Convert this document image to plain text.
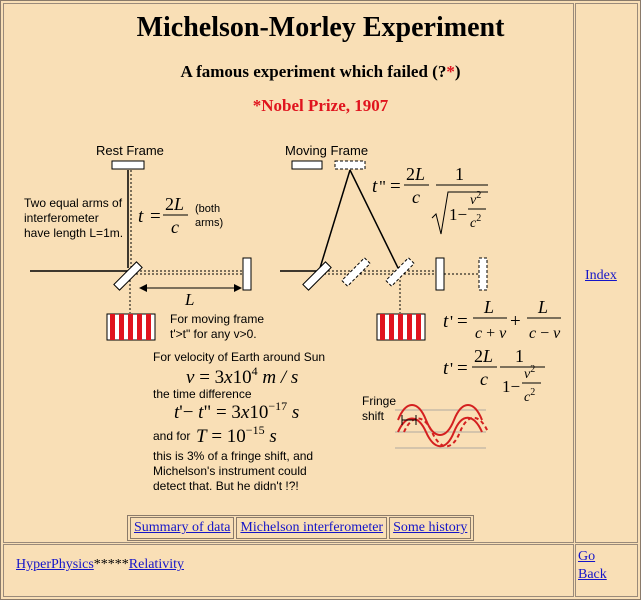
Michelson-Morley Experiment
A famous experiment which failed (?*)
*Nobel Prize, 1907
Rest Frame	Moving Frame
Two equal arms of
interferometer
have length L=1m.
(both
arms)
For moving frame
t'>t" for any v>0.
For velocity of Earth around Sun
the time difference
and for
this is 3% of a fringe shift, and
Michelson's instrument could
detect that. But he didn't !?!
Fringe
shift
L
t =
2L
c
t " =
2L
c
1
1−
$v^2$
$c^2$
t ' =
L
c + v
+
L
c − v
t ' =
2L
c
1
1−
$v^2$
$c^2$
$v = 3x10^4$ m / s
t'− t" = $3x10^{-17}$ s
$T = 10^{-15}$ s
Summary of data Michelson interferometer Some history
Index
HyperPhysics*****Relativity
Go
Back
